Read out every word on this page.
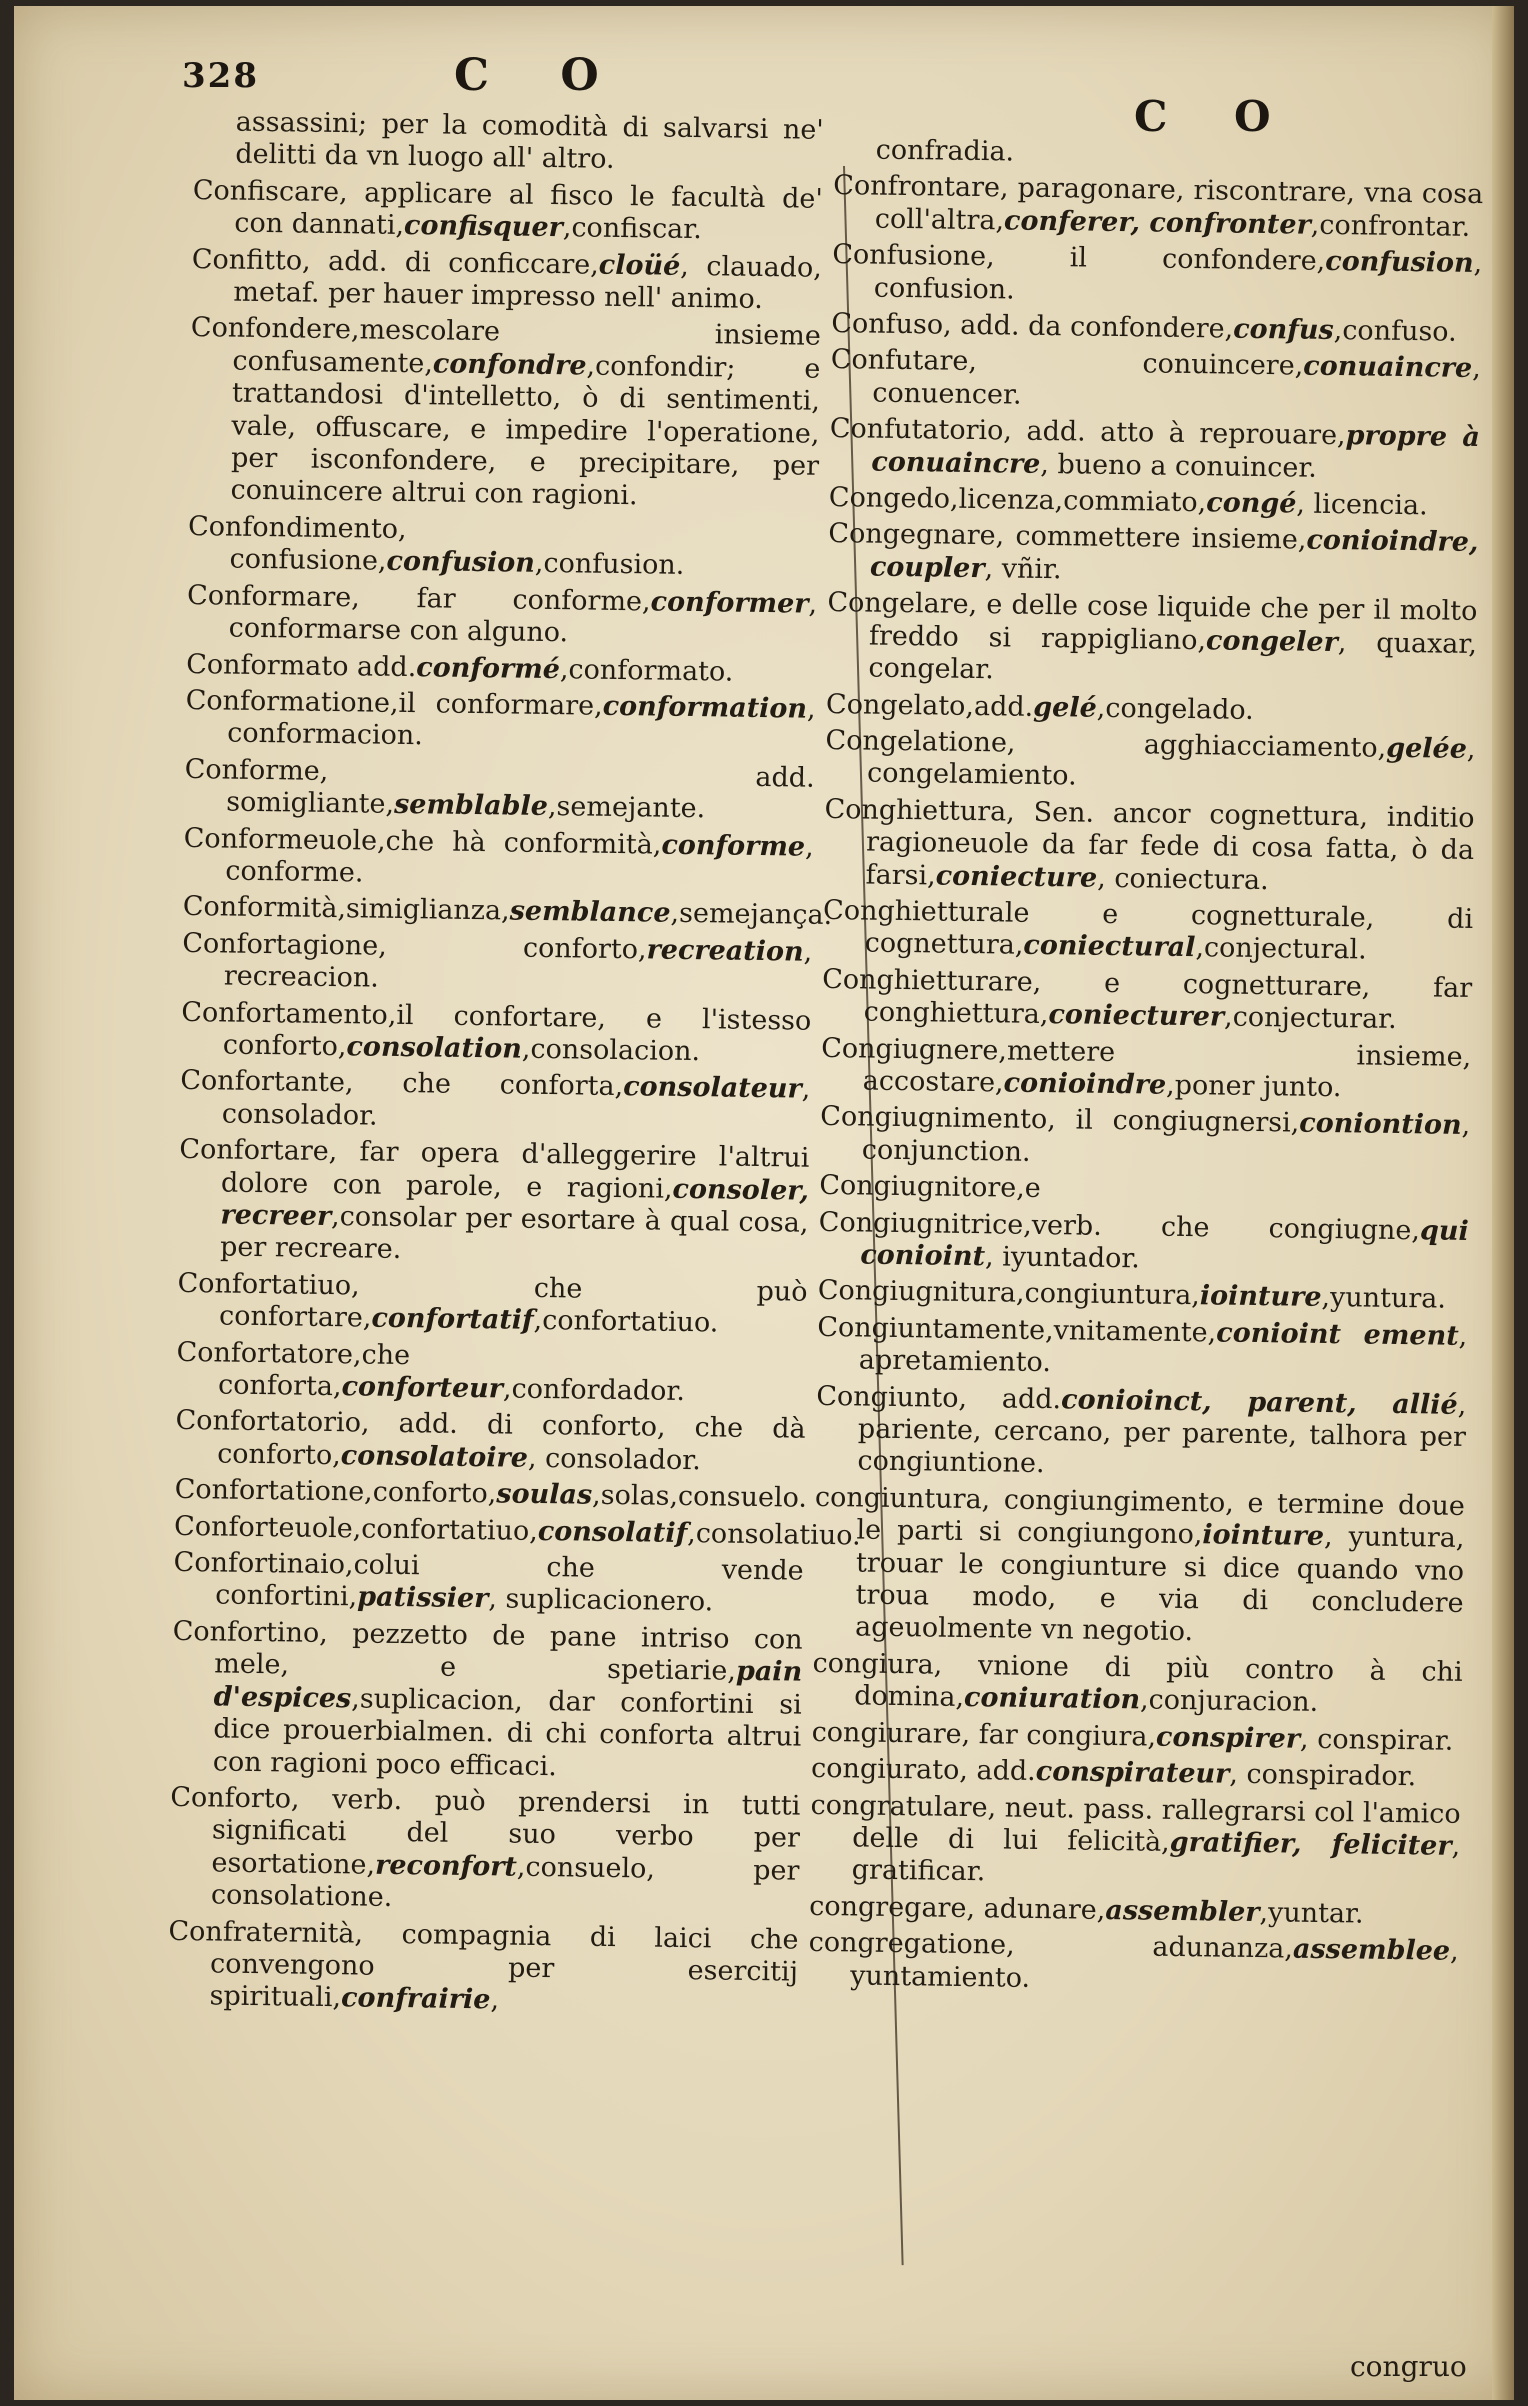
328	C O
C O

assassini; per la comodità di salvarsi ne' delitti da vn luogo all' altro.

Confiscare, applicare al fisco le facultà de' con dannati,confisquer,confiscar.

Confitto, add. di conficcare,cloüé, clauado, metaf. per hauer impresso nell' animo.

Confondere,mescolare insieme confusamente,confondre,confondir; e trattandosi d'intelletto, ò di sentimenti, vale, offuscare, e impedire l'operatione, per isconfondere, e precipitare, per conuincere altrui con ragioni.

Confondimento, confusione,confusion,confusion.

Conformare, far conforme,conformer, conformarse con alguno.

Conformato add.conformé,conformato.

Conformatione,il conformare,conformation, conformacion.

Conforme, add. somigliante,semblable,semejante.

Conformeuole,che hà conformità,conforme, conforme.

Conformità,simiglianza,semblance,semejança.

Confortagione, conforto,recreation, recreacion.

Confortamento,il confortare, e l'istesso conforto,consolation,consolacion.

Confortante, che conforta,consolateur, consolador.

Confortare, far opera d'alleggerire l'altrui dolore con parole, e ragioni,consoler, recreer,consolar per esortare à qual cosa, per recreare.

Confortatiuo, che può confortare,confortatif,confortatiuo.

Confortatore,che conforta,conforteur,confordador.

Confortatorio, add. di conforto, che dà conforto,consolatoire, consolador.

Confortatione,conforto,soulas,solas,consuelo.

Conforteuole,confortatiuo,consolatif,consolatiuo.

Confortinaio,colui che vende confortini,patissier, suplicacionero.

Confortino, pezzetto de pane intriso con mele, e spetiarie,pain d'espices,suplicacion, dar confortini si dice prouerbialmen. di chi conforta altrui con ragioni poco efficaci.

Conforto, verb. può prendersi in tutti significati del suo verbo per esortatione,reconfort,consuelo, per consolatione.

Confraternità, compagnia di laici che convengono per esercitij spirituali,confrairie,

confradia.

Confrontare, paragonare, riscontrare, vna cosa coll'altra,conferer, confronter,confrontar.

Confusione, il confondere,confusion, confusion.

Confuso, add. da confondere,confus,confuso.

Confutare, conuincere,conuaincre, conuencer.

Confutatorio, add. atto à reprouare,propre à conuaincre, bueno a conuincer.

Congedo,licenza,commiato,congé, licencia.

Congegnare, commettere insieme,conioindre, coupler, vñir.

Congelare, e delle cose liquide che per il molto freddo si rappigliano,congeler, quaxar, congelar.

Congelato,add.gelé,congelado.

Congelatione, agghiacciamento,gelée, congelamiento.

Conghiettura, Sen. ancor cognettura, inditio ragioneuole da far fede di cosa fatta, ò da farsi,coniecture, coniectura.

Conghietturale e cognetturale, di cognettura,coniectural,conjectural.

Conghietturare, e cognetturare, far conghiettura,coniecturer,conjecturar.

Congiugnere,mettere insieme, accostare,conioindre,poner junto.

Congiugnimento, il congiugnersi,coniontion, conjunction.

Congiugnitore,e

Congiugnitrice,verb. che congiugne,qui conioint, iyuntador.

Congiugnitura,congiuntura,iointure,yuntura.

Congiuntamente,vnitamente,conioint ement, apretamiento.

Congiunto, add.conioinct, parent, allié, pariente, cercano, per parente, talhora per congiuntione.

congiuntura, congiungimento, e termine doue le parti si congiungono,iointure, yuntura, trouar le congiunture si dice quando vno troua modo, e via di concludere ageuolmente vn negotio.

congiura, vnione di più contro à chi domina,coniuration,conjuracion.

congiurare, far congiura,conspirer, conspirar.

congiurato, add.conspirateur, conspirador.

congratulare, neut. pass. rallegrarsi col l'amico delle di lui felicità,gratifier, feliciter, gratificar.

congregare, adunare,assembler,yuntar.

congregatione, adunanza,assemblee, yuntamiento.

congruo
